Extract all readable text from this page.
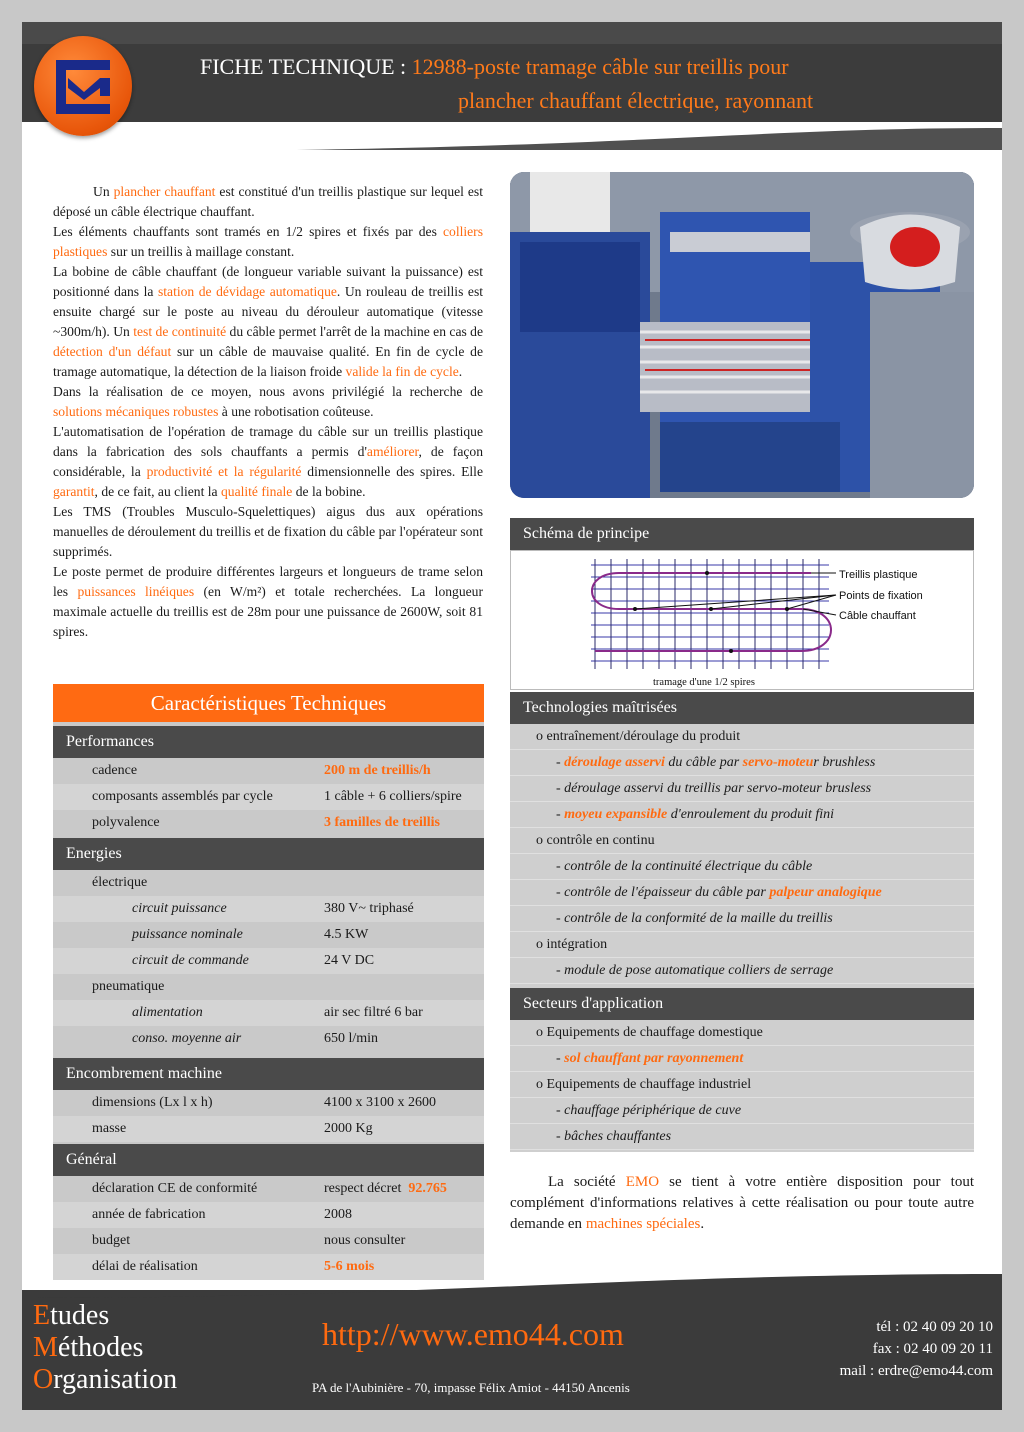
FICHE TECHNIQUE : 12988-poste tramage câble sur treillis pour
plancher chauffant électrique, rayonnant

Un plancher chauffant est constitué d'un treillis plastique sur lequel est déposé un câble électrique chauffant.

Les éléments chauffants sont tramés en 1/2 spires et fixés par des colliers plastiques sur un treillis à maillage constant.

La bobine de câble chauffant (de longueur variable suivant la puissance) est positionné dans la station de dévidage automatique. Un rouleau de treillis est ensuite chargé sur le poste au niveau du dérouleur automatique (vitesse ~300m/h). Un test de continuité du câble permet l'arrêt de la machine en cas de détection d'un défaut sur un câble de mauvaise qualité. En fin de cycle de tramage automatique, la détection de la liaison froide valide la fin de cycle.

Dans la réalisation de ce moyen, nous avons privilégié la recherche de solutions mécaniques robustes à une robotisation coûteuse.

L'automatisation de l'opération de tramage du câble sur un treillis plastique dans la fabrication des sols chauffants a permis d'améliorer, de façon considérable, la productivité et la régularité dimensionnelle des spires. Elle garantit, de ce fait, au client la qualité finale de la bobine.

Les TMS (Troubles Musculo-Squelettiques) aigus dus aux opérations manuelles de déroulement du treillis et de fixation du câble par l'opérateur sont supprimés.

Le poste permet de produire différentes largeurs et longueurs de trame selon les puissances linéiques (en W/m²) et totale recherchées. La longueur maximale actuelle du treillis est de 28m pour une puissance de 2600W, soit 81 spires.

Caractéristiques Techniques
Performances
cadence	200 m de treillis/h
composants assemblés par cycle	1 câble + 6 colliers/spire
polyvalence	3 familles de treillis
Energies
électrique
circuit puissance	380 V~ triphasé
puissance nominale	4.5 KW
circuit de commande	24 V DC
pneumatique
alimentation	air sec filtré 6 bar
conso. moyenne air	650 l/min
Encombrement machine
dimensions (Lx l x h)	4100 x 3100 x 2600
masse	2000 Kg
Général
déclaration CE de conformité	respect décret 92.765
année de fabrication	2008
budget	nous consulter
délai de réalisation	5-6 mois
Schéma de principe
Treillis plastique
Points de fixation
Câble chauffant
tramage d'une 1/2 spires
Technologies maîtrisées
o entraînement/déroulage du produit
- déroulage asservi du câble par servo-moteur brushless
- déroulage asservi du treillis par servo-moteur brusless
- moyeu expansible d'enroulement du produit fini
o contrôle en continu
- contrôle de la continuité électrique du câble
- contrôle de l'épaisseur du câble par palpeur analogique
- contrôle de la conformité de la maille du treillis
o intégration
- module de pose automatique colliers de serrage
Secteurs d'application
o Equipements de chauffage domestique
- sol chauffant par rayonnement
o Equipements de chauffage industriel
- chauffage périphérique de cuve
- bâches chauffantes

La société EMO se tient à votre entière disposition pour tout complément d'informations relatives à cette réalisation ou pour toute autre demande en machines spéciales.

Etudes
Méthodes
Organisation
http://www.emo44.com
PA de l'Aubinière - 70, impasse Félix Amiot - 44150 Ancenis
tél : 02 40 09 20 10
fax : 02 40 09 20 11
mail : erdre@emo44.com
